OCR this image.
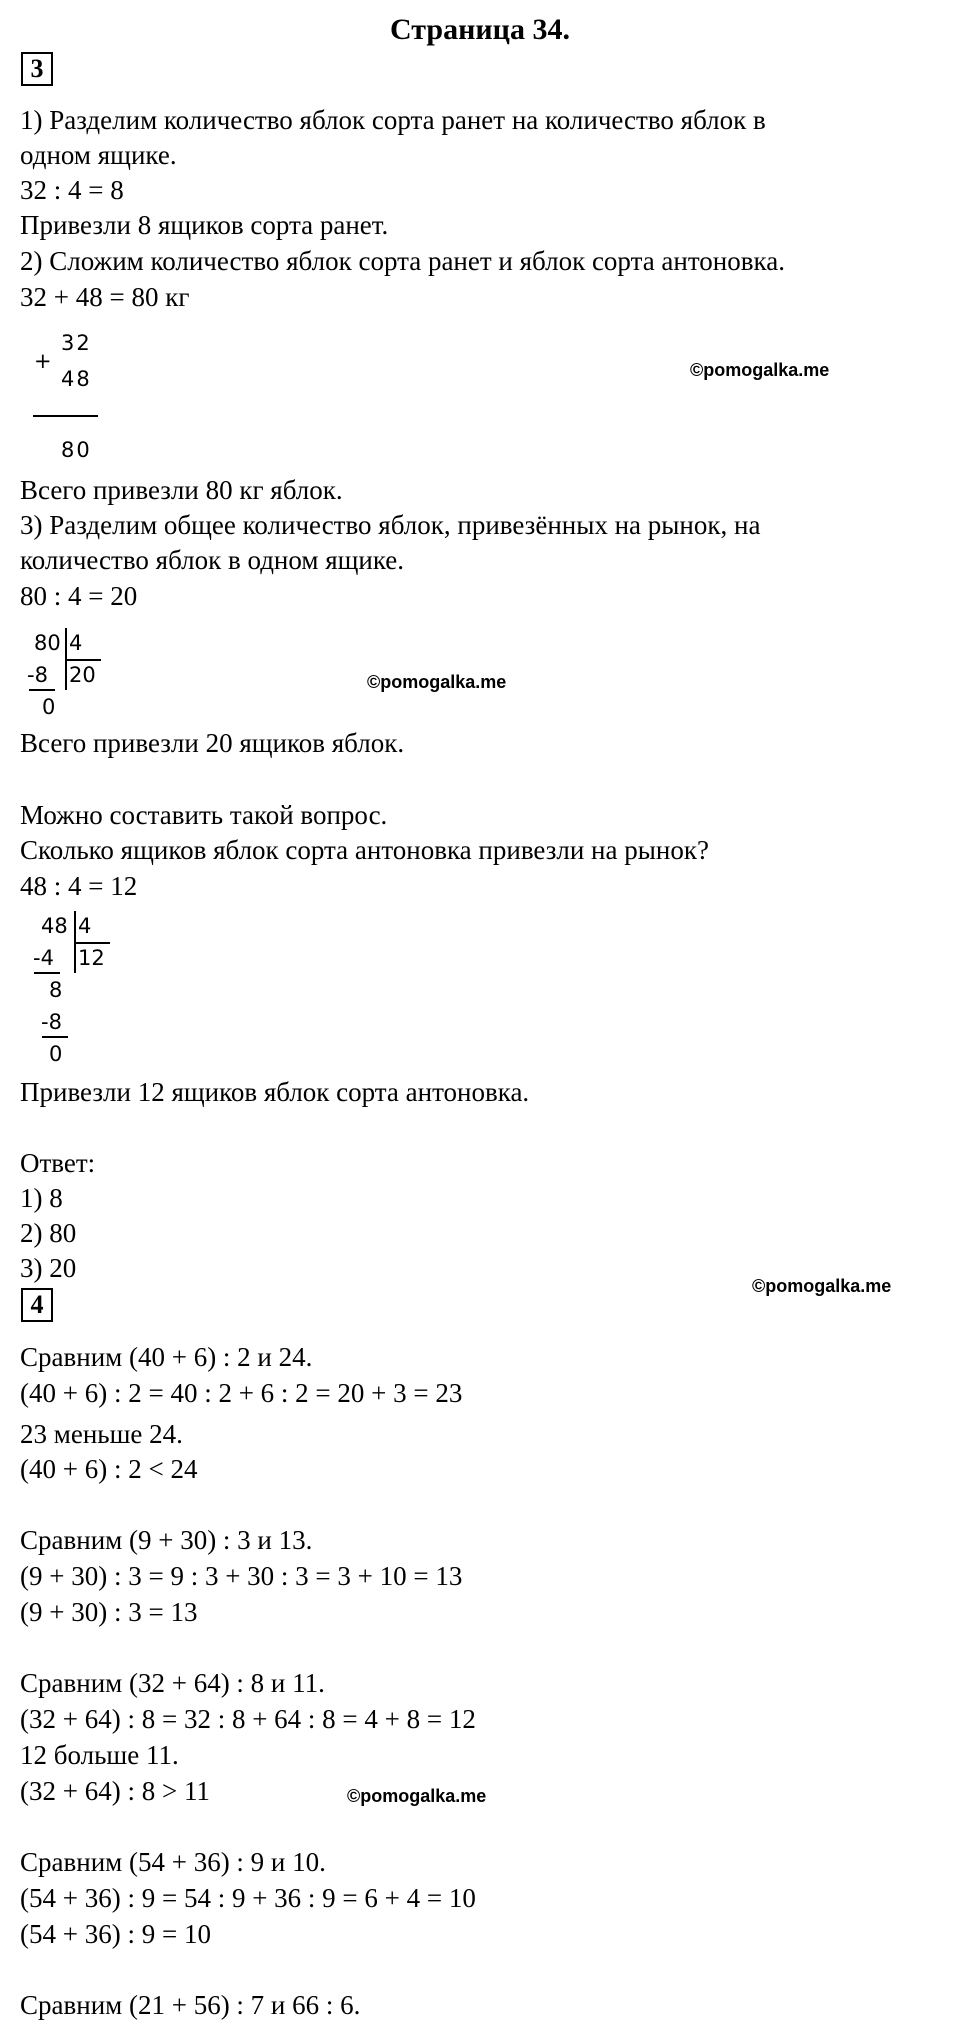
Страница 34.
3
1) Разделим количество яблок сорта ранет на количество яблок в
одном ящике.
32 : 4 = 8
Привезли 8 ящиков сорта ранет.
2) Сложим количество яблок сорта ранет и яблок сорта антоновка.
32 + 48 = 80 кг
+
32
48
80
©pomogalka.me
Всего привезли 80 кг яблок.
3) Разделим общее количество яблок, привезённых на рынок, на
количество яблок в одном ящике.
80 : 4 = 20
80 4
-8 20
0
©pomogalka.me
Всего привезли 20 ящиков яблок.
Можно составить такой вопрос.
Сколько ящиков яблок сорта антоновка привезли на рынок?
48 : 4 = 12
48 4
-4 12
8
-8
0
Привезли 12 ящиков яблок сорта антоновка.
Ответ:
1) 8
2) 80
3) 20
©pomogalka.me
4
Сравним (40 + 6) : 2 и 24.
(40 + 6) : 2 = 40 : 2 + 6 : 2 = 20 + 3 = 23
23 меньше 24.
(40 + 6) : 2 < 24
Сравним (9 + 30) : 3 и 13.
(9 + 30) : 3 = 9 : 3 + 30 : 3 = 3 + 10 = 13
(9 + 30) : 3 = 13
Сравним (32 + 64) : 8 и 11.
(32 + 64) : 8 = 32 : 8 + 64 : 8 = 4 + 8 = 12
12 больше 11.
(32 + 64) : 8 > 11	©pomogalka.me
Сравним (54 + 36) : 9 и 10.
(54 + 36) : 9 = 54 : 9 + 36 : 9 = 6 + 4 = 10
(54 + 36) : 9 = 10
Сравним (21 + 56) : 7 и 66 : 6.
